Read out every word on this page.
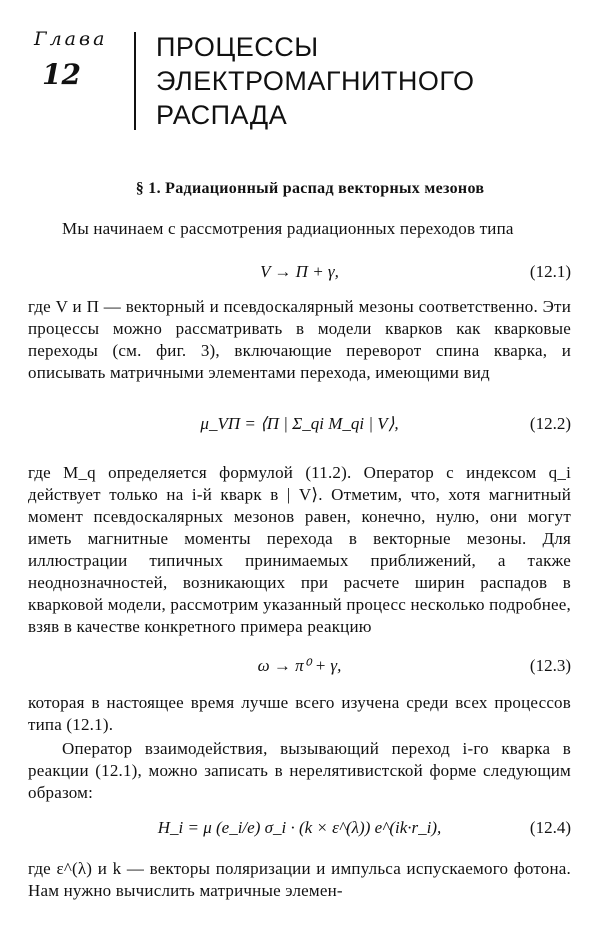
Глава
12
ПРОЦЕССЫ
ЭЛЕКТРОМАГНИТНОГО
РАСПАДА
§ 1. Радиационный распад векторных мезонов
Мы начинаем с рассмотрения радиационных переходов типа
V → Π + γ,	(12.1)
где V и Π — векторный и псевдоскалярный мезоны соответственно. Эти процессы можно рассматривать в модели кварков как кварковые переходы (см. фиг. 3), включающие переворот спина кварка, и описывать матричными элементами перехода, имеющими вид
μ_VΠ = ⟨Π | Σ_qi M_qi | V⟩,	(12.2)
где M_q определяется формулой (11.2). Оператор с индексом q_i действует только на i-й кварк в | V⟩. Отметим, что, хотя магнитный момент псевдоскалярных мезонов равен, конечно, нулю, они могут иметь магнитные моменты перехода в векторные мезоны. Для иллюстрации типичных принимаемых приближений, а также неоднозначностей, возникающих при расчете ширин распадов в кварковой модели, рассмотрим указанный процесс несколько подробнее, взяв в качестве конкретного примера реакцию
ω → π⁰ + γ,	(12.3)
которая в настоящее время лучше всего изучена среди всех процессов типа (12.1).
Оператор взаимодействия, вызывающий переход i-го кварка в реакции (12.1), можно записать в нерелятивистской форме следующим образом:
H_i = μ (e_i/e) σ_i · (k × ε^(λ)) e^(ik·r_i),	(12.4)
где ε^(λ) и k — векторы поляризации и импульса испускаемого фотона. Нам нужно вычислить матричные элемен-
